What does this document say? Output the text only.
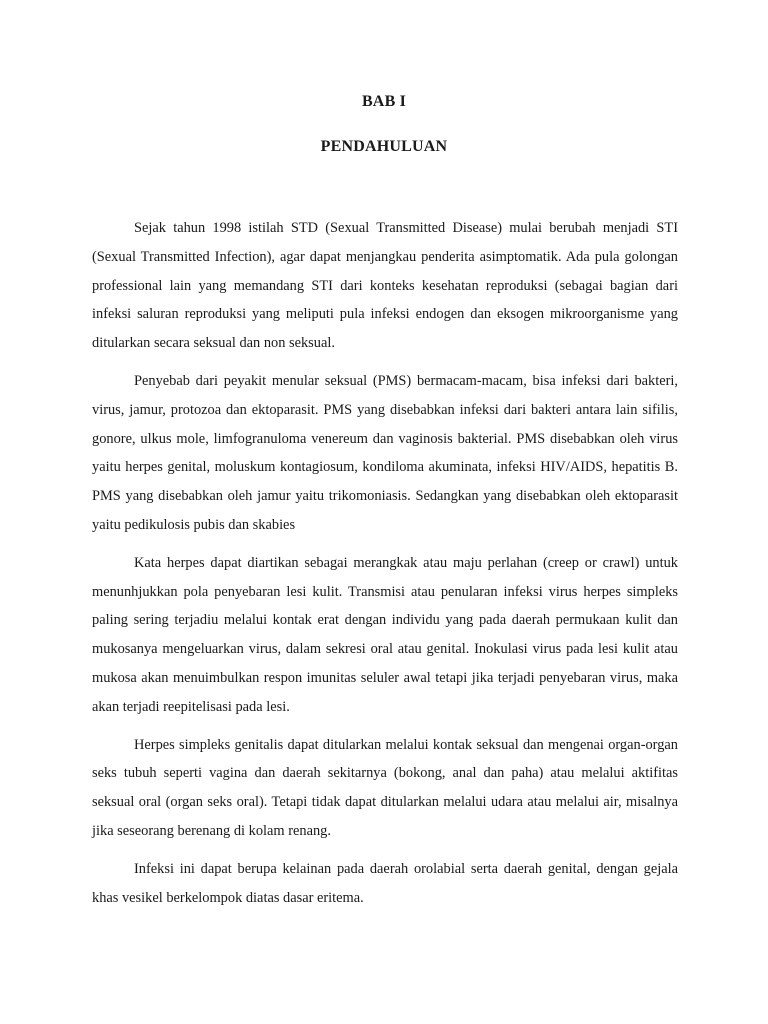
BAB I
PENDAHULUAN

Sejak tahun 1998 istilah STD (Sexual Transmitted Disease) mulai berubah menjadi STI (Sexual Transmitted Infection), agar dapat menjangkau penderita asimptomatik. Ada pula golongan professional lain yang memandang STI dari konteks kesehatan reproduksi (sebagai bagian dari infeksi saluran reproduksi yang meliputi pula infeksi endogen dan eksogen mikroorganisme yang ditularkan secara seksual dan non seksual.

Penyebab dari peyakit menular seksual (PMS) bermacam-macam, bisa infeksi dari bakteri, virus, jamur, protozoa dan ektoparasit. PMS yang disebabkan infeksi dari bakteri antara lain sifilis, gonore, ulkus mole, limfogranuloma venereum dan vaginosis bakterial. PMS disebabkan oleh virus yaitu herpes genital, moluskum kontagiosum, kondiloma akuminata, infeksi HIV/AIDS, hepatitis B. PMS yang disebabkan oleh jamur yaitu trikomoniasis. Sedangkan yang disebabkan oleh ektoparasit yaitu pedikulosis pubis dan skabies

Kata herpes dapat diartikan sebagai merangkak atau maju perlahan (creep or crawl) untuk menunhjukkan pola penyebaran lesi kulit. Transmisi atau penularan infeksi virus herpes simpleks paling sering terjadiu melalui kontak erat dengan individu yang pada daerah permukaan kulit dan mukosanya mengeluarkan virus, dalam sekresi oral atau genital. Inokulasi virus pada lesi kulit atau mukosa akan menuimbulkan respon imunitas seluler awal tetapi jika terjadi penyebaran virus, maka akan terjadi reepitelisasi pada lesi.

Herpes simpleks genitalis dapat ditularkan melalui kontak seksual dan mengenai organ-organ seks tubuh seperti vagina dan daerah sekitarnya (bokong, anal dan paha) atau melalui aktifitas seksual oral (organ seks oral). Tetapi tidak dapat ditularkan melalui udara atau melalui air, misalnya jika seseorang berenang di kolam renang.

Infeksi ini dapat berupa kelainan pada daerah orolabial serta daerah genital, dengan gejala khas vesikel berkelompok diatas dasar eritema.
